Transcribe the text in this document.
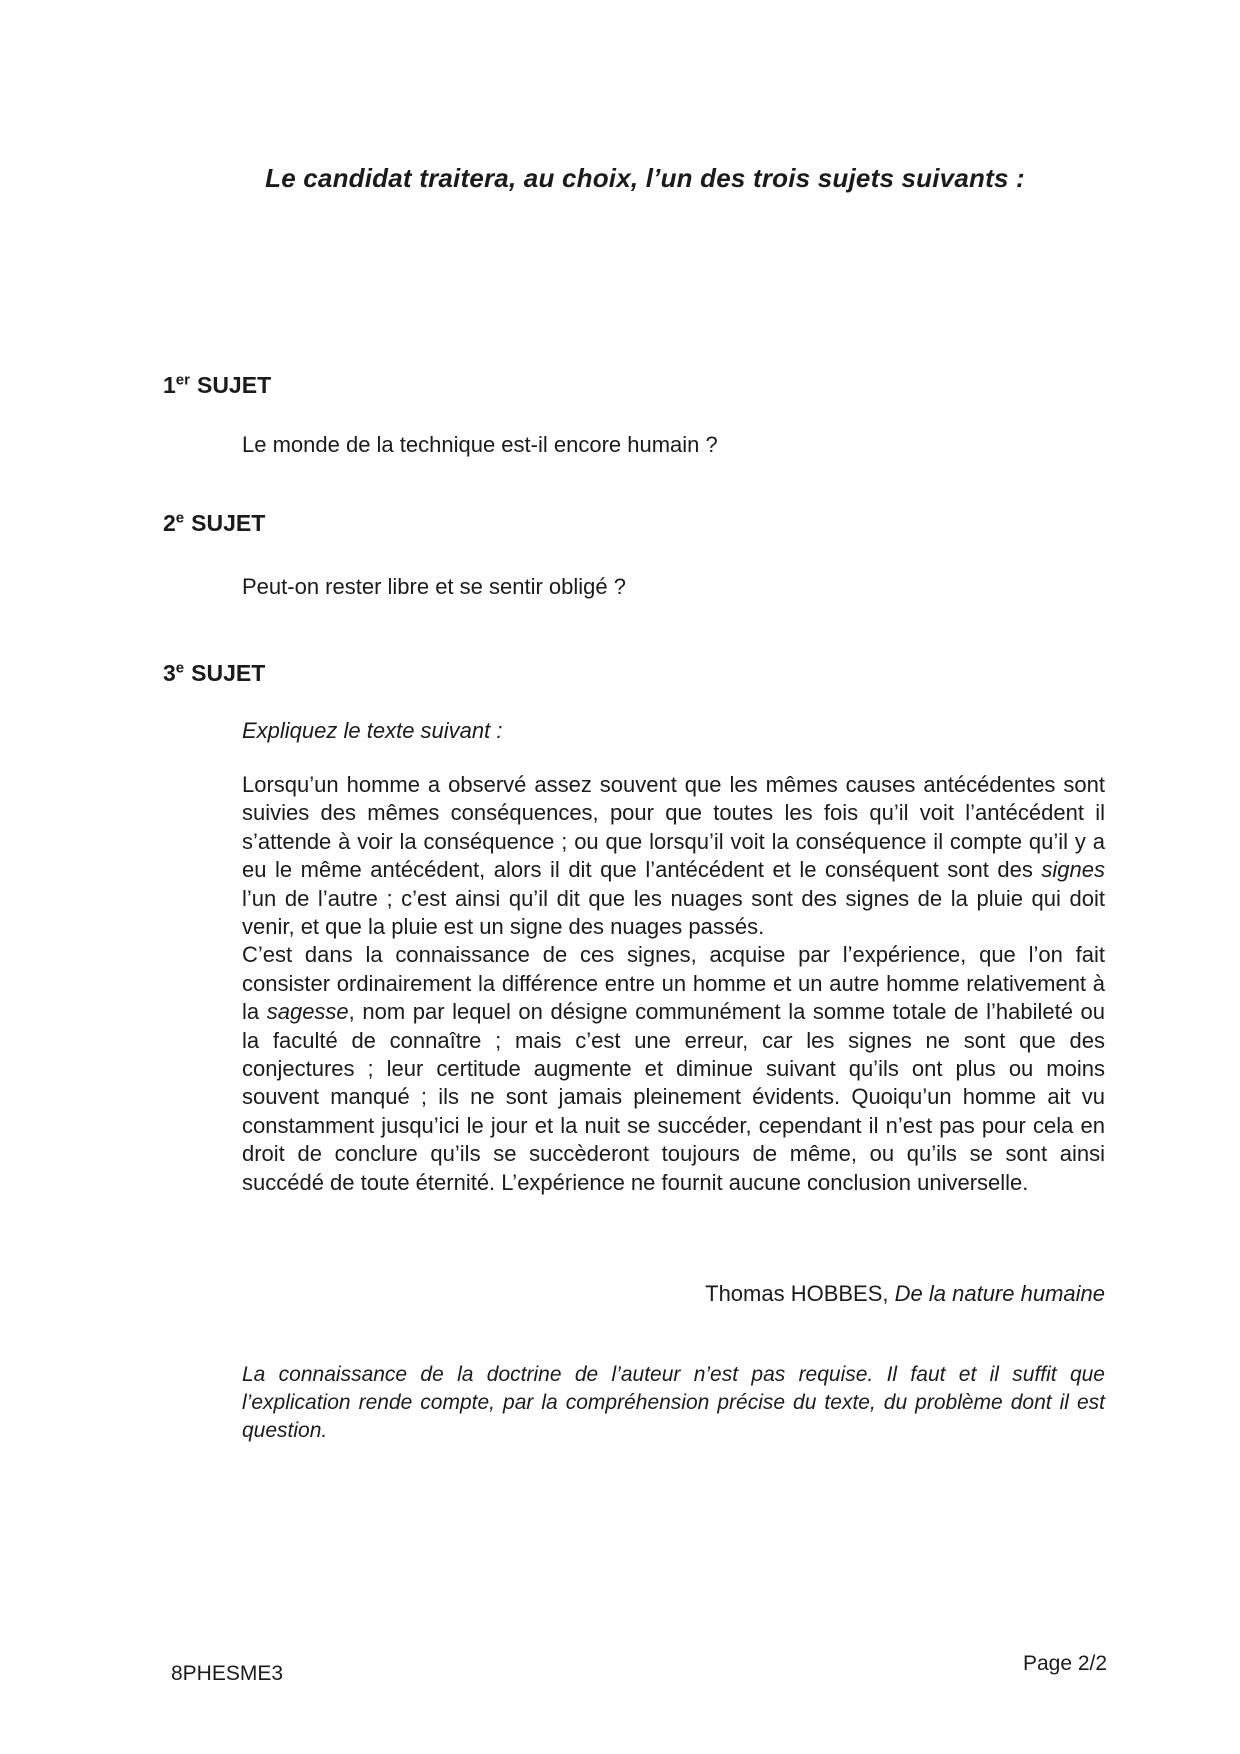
Le candidat traitera, au choix, l’un des trois sujets suivants :
1er SUJET
Le monde de la technique est-il encore humain ?
2e SUJET
Peut-on rester libre et se sentir obligé ?
3e SUJET
Expliquez le texte suivant :

Lorsqu’un homme a observé assez souvent que les mêmes causes antécédentes sont suivies des mêmes conséquences, pour que toutes les fois qu’il voit l’antécédent il s’attende à voir la conséquence ; ou que lorsqu’il voit la conséquence il compte qu’il y a eu le même antécédent, alors il dit que l’antécédent et le conséquent sont des signes l’un de l’autre ; c’est ainsi qu’il dit que les nuages sont des signes de la pluie qui doit venir, et que la pluie est un signe des nuages passés.

C’est dans la connaissance de ces signes, acquise par l’expérience, que l’on fait consister ordinairement la différence entre un homme et un autre homme relativement à la sagesse, nom par lequel on désigne communément la somme totale de l’habileté ou la faculté de connaître ; mais c’est une erreur, car les signes ne sont que des conjectures ; leur certitude augmente et diminue suivant qu’ils ont plus ou moins souvent manqué ; ils ne sont jamais pleinement évidents. Quoiqu’un homme ait vu constamment jusqu’ici le jour et la nuit se succéder, cependant il n’est pas pour cela en droit de conclure qu’ils se succèderont toujours de même, ou qu’ils se sont ainsi succédé de toute éternité. L’expérience ne fournit aucune conclusion universelle.

Thomas HOBBES, De la nature humaine
La connaissance de la doctrine de l’auteur n’est pas requise. Il faut et il suffit que l’explication rende compte, par la compréhension précise du texte, du problème dont il est question.
8PHESME3	Page 2/2
